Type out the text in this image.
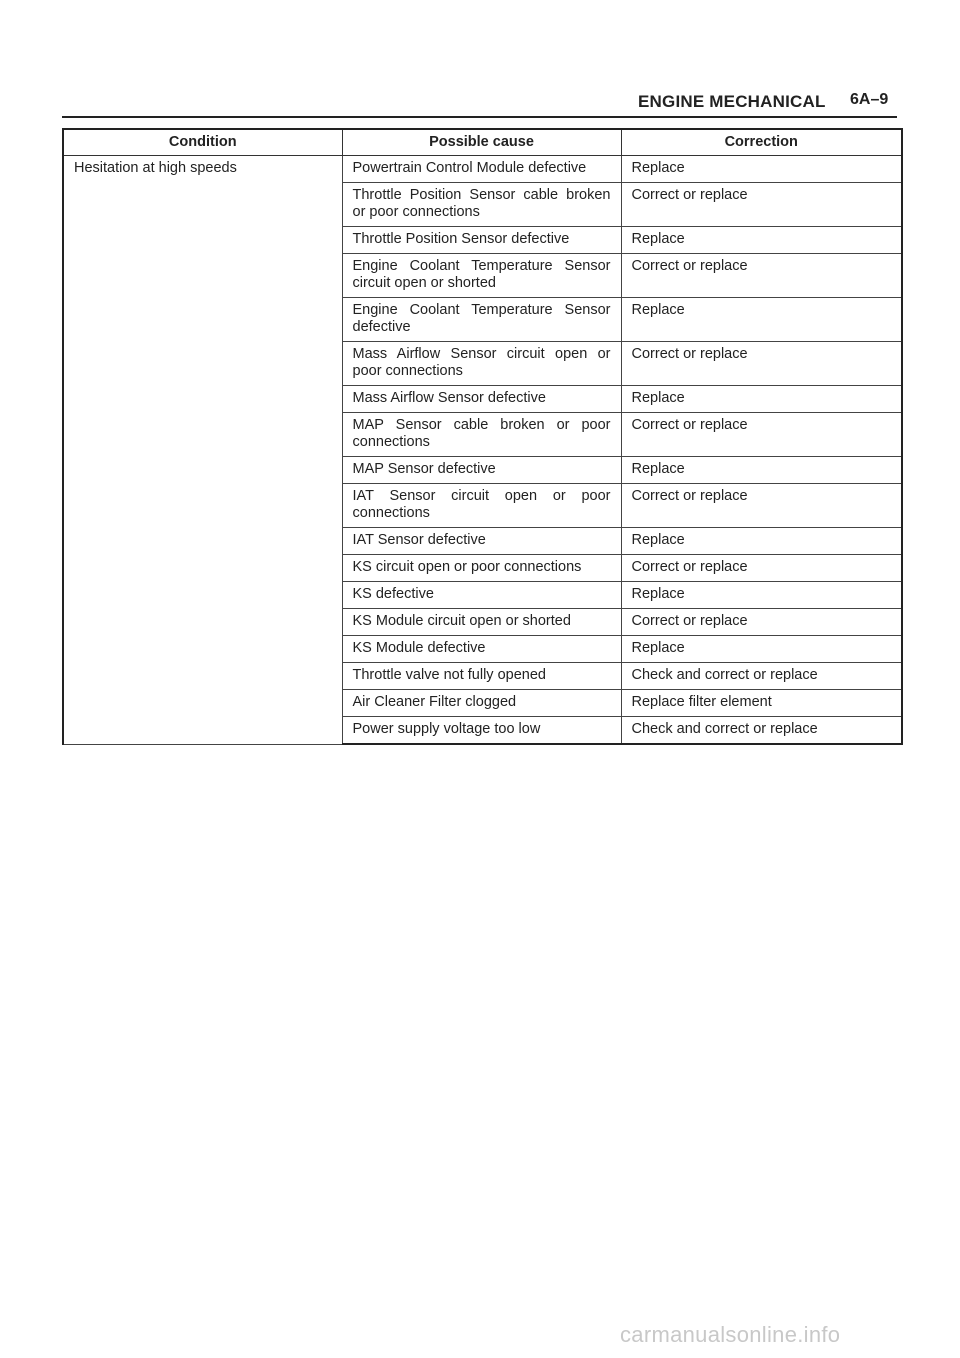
ENGINE MECHANICAL 6A–9
Condition	Possible cause	Correction
Hesitation at high speeds	Powertrain Control Module defective	Replace
	Throttle Position Sensor cable broken or poor connections	Correct or replace
	Throttle Position Sensor defective	Replace
	Engine Coolant Temperature Sensor circuit open or shorted	Correct or replace
	Engine Coolant Temperature Sensor defective	Replace
	Mass Airflow Sensor circuit open or poor connections	Correct or replace
	Mass Airflow Sensor defective	Replace
	MAP Sensor cable broken or poor connections	Correct or replace
	MAP Sensor defective	Replace
	IAT Sensor circuit open or poor connections	Correct or replace
	IAT Sensor defective	Replace
	KS circuit open or poor connections	Correct or replace
	KS defective	Replace
	KS Module circuit open or shorted	Correct or replace
	KS Module defective	Replace
	Throttle valve not fully opened	Check and correct or replace
	Air Cleaner Filter clogged	Replace filter element
	Power supply voltage too low	Check and correct or replace
carmanualsonline.info
